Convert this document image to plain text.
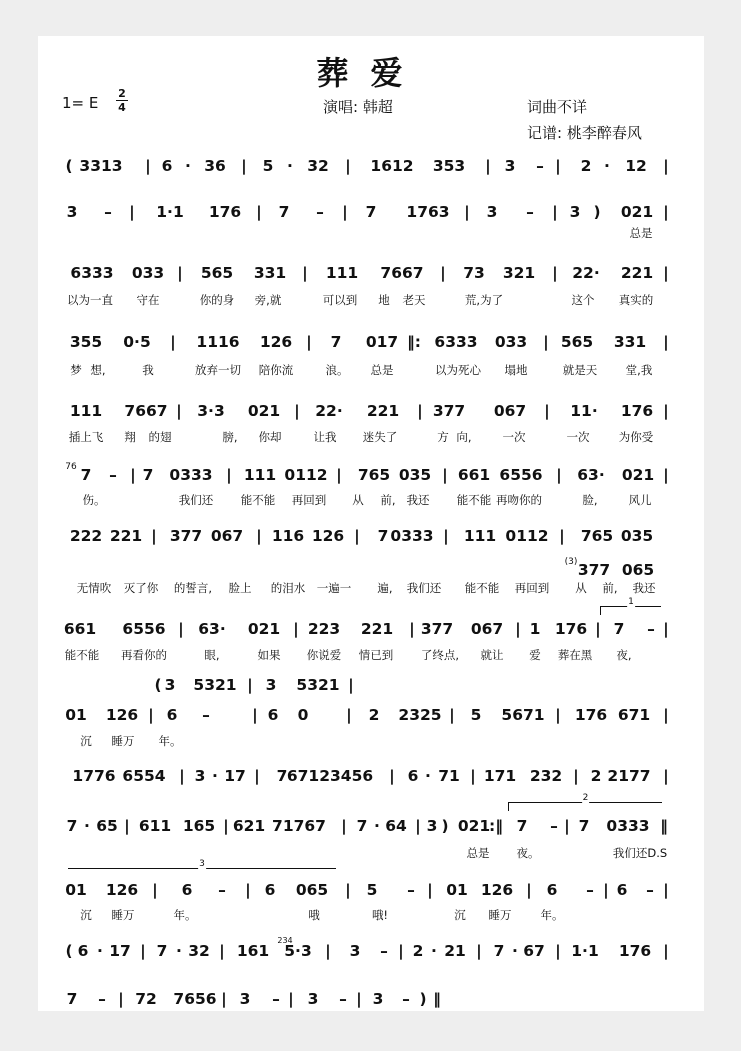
葬爱
1= E
2
4	演唱: 韩超	词曲不详
记谱: 桃李醉春风
( 3313 | 6 · 36 | 5 · 32 | 1612 353 | 3 – | 2 · 12 |
3 – | 1·1 176 | 7 – | 7 1763 | 3 – | 3 ) 021 |
总是
6333 033 | 565 331 | 111 7667 | 73 321 | 22· 221 |
以为一直 守在	你的身 旁,就	可以到 地 老天	荒,为了	这个 真实的
355 0·5 | 1116 126 | 7 017 ‖: 6333 033 | 565 331 |
梦 想,	我	放弃一切 陪你流	浪。 总是	以为死心 塌地	就是天 堂,我
111 7667 | 3·3 021 | 22· 221 | 377 067 | 11· 176 |
插上飞 翔 的翅	膀, 你却	让我 迷失了	方 向,	一次	一次	为你受
76 7 – | 7 0333 | 111 0112 | 765 035 | 661 6556 | 63· 021 |
伤。	我们还 能不能 再回到 从 前, 我还 能不能 再吻你的	脸,	风儿
222 221 | 377 067 | 116 126 | 7 0333 | 111 0112 | 765 035
(3) 377 065
无情吹 灭了你 的誓言, 脸上 的泪水 一遍一 遍, 我们还 能不能 再回到 从 前, 我还
661 6556 | 63· 021 | 223 221 | 377 067 | 1 176 | 7 – |
能不能 再看你的	眼,	如果 你说爱 情已到 了终点, 就让 爱 葬在黑 夜,
( 3 5321 | 3 5321 |
01 126 | 6 –	| 6 0 | 2 2325 | 5 5671 | 176 671 |
沉 睡万 年。
1776 6554 | 3 · 17 | 7 67123456 | 6 · 71 | 171 232 | 2 2177 |
7 · 65 | 611 165 | 621 71767 | 7 · 64 | 3 ) 021
:‖ 7 – | 7 0333 ‖
总是 夜。	我们还D.S
01 126 | 6 – | 6 065 | 5 – | 01 126 | 6 – | 6 – |
沉 睡万	年。	哦	哦!	沉 睡万	年。
( 6 · 17 | 7 · 32 | 161 5·3 | 3 – | 2 · 21 | 7 · 67 | 1·1 176 |
7 – | 72 7656 | 3 – | 3 – | 3 – ) ‖
1
2
3
234
